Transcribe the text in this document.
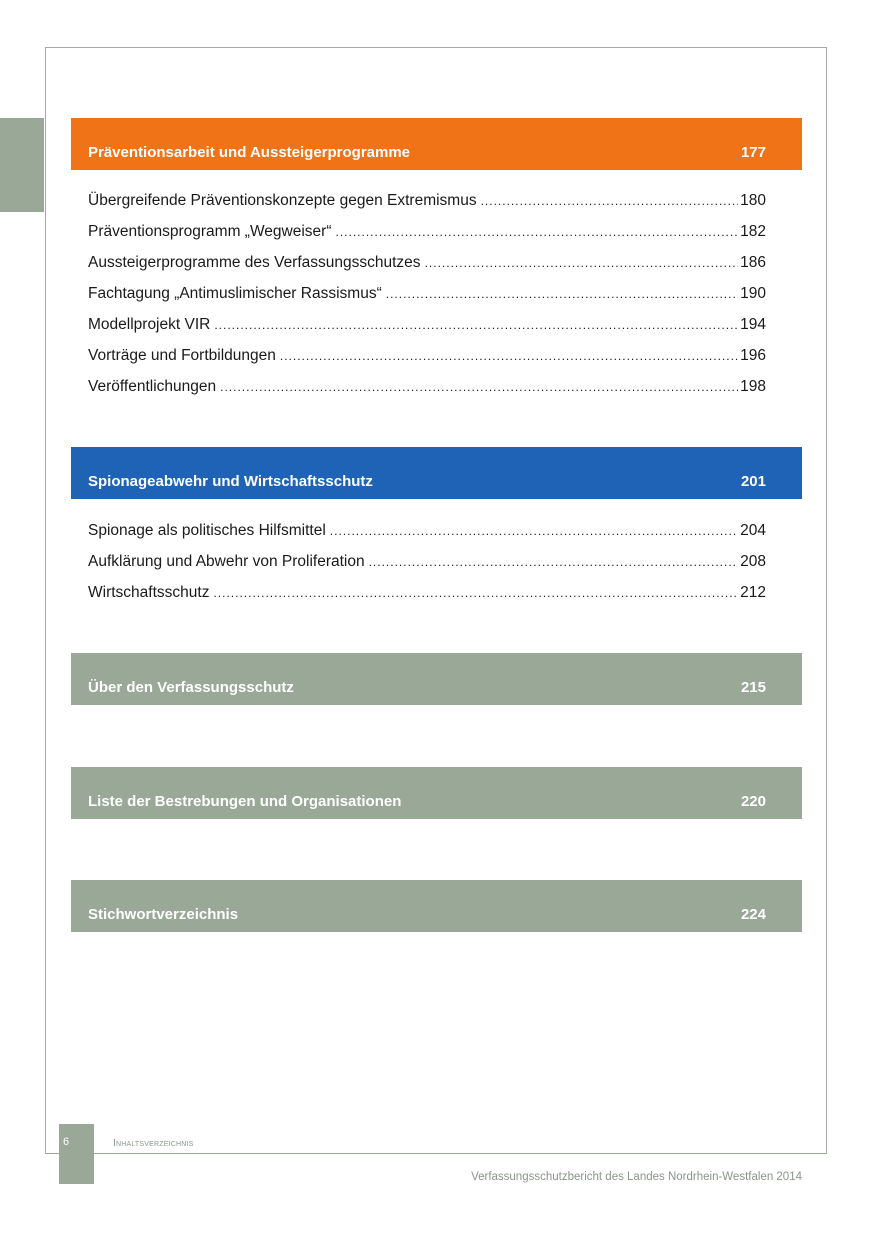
Präventionsarbeit und Aussteigerprogramme	177
Übergreifende Präventionskonzepte gegen Extremismus .....	180
Präventionsprogramm „Wegweiser“ .....	182
Aussteigerprogramme des Verfassungsschutzes .....	186
Fachtagung „Antimuslimischer Rassismus“ .....	190
Modellprojekt VIR .....	194
Vorträge und Fortbildungen .....	196
Veröffentlichungen .....	198
Spionageabwehr und Wirtschaftsschutz	201
Spionage als politisches Hilfsmittel .....	204
Aufklärung und Abwehr von Proliferation .....	208
Wirtschaftsschutz .....	212
Über den Verfassungsschutz	215
Liste der Bestrebungen und Organisationen	220
Stichwortverzeichnis	224
6	Inhaltsverzeichnis
Verfassungsschutzbericht des Landes Nordrhein-Westfalen 2014
